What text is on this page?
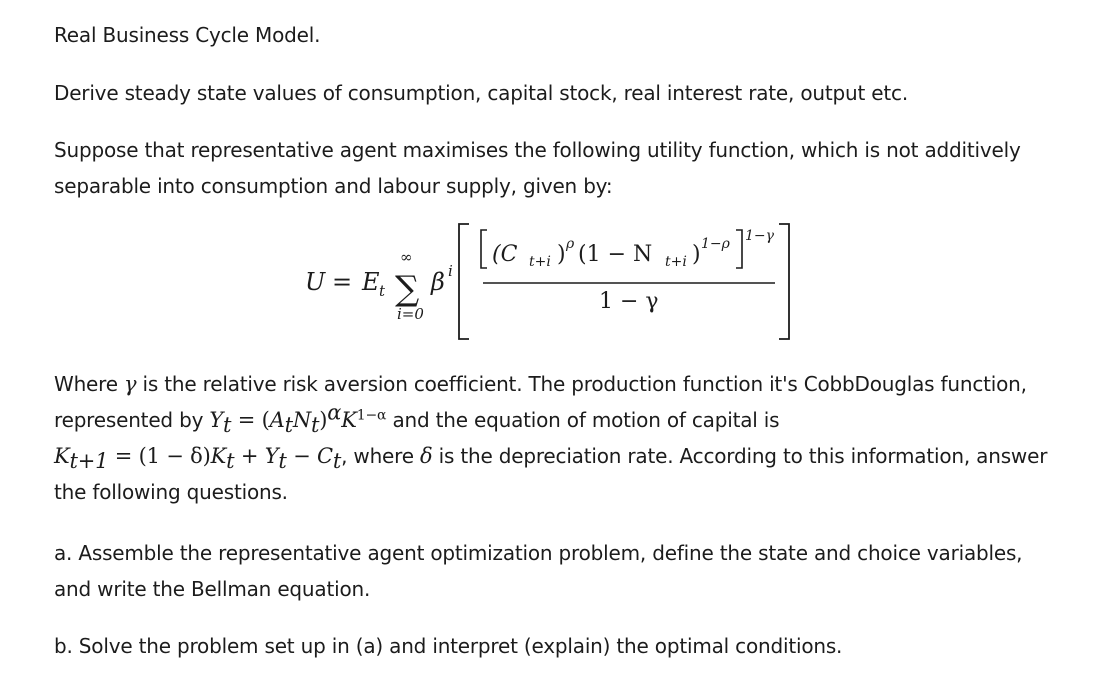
Real Business Cycle Model.

Derive steady state values of consumption, capital stock, real interest rate, output etc.

Suppose that representative agent maximises the following utility function, which is not additively separable into consumption and labour supply, given by:

U = E t
∞
∑
i=0
β i
(C t+i ) ρ (1 − N t+i ) 1−ρ 1−γ
1 − γ

Where γ is the relative risk aversion coefficient. The production function it's CobbDouglas function, represented by $Y_t = (A_tN_t)^\alpha K^{1-\alpha}$ and the equation of motion of capital is
$K_{t+1} = (1 - \delta)K_t + Y_t - C_t$, where δ is the depreciation rate. According to this information, answer the following questions.

a. Assemble the representative agent optimization problem, define the state and choice variables, and write the Bellman equation.

b. Solve the problem set up in (a) and interpret (explain) the optimal conditions.
